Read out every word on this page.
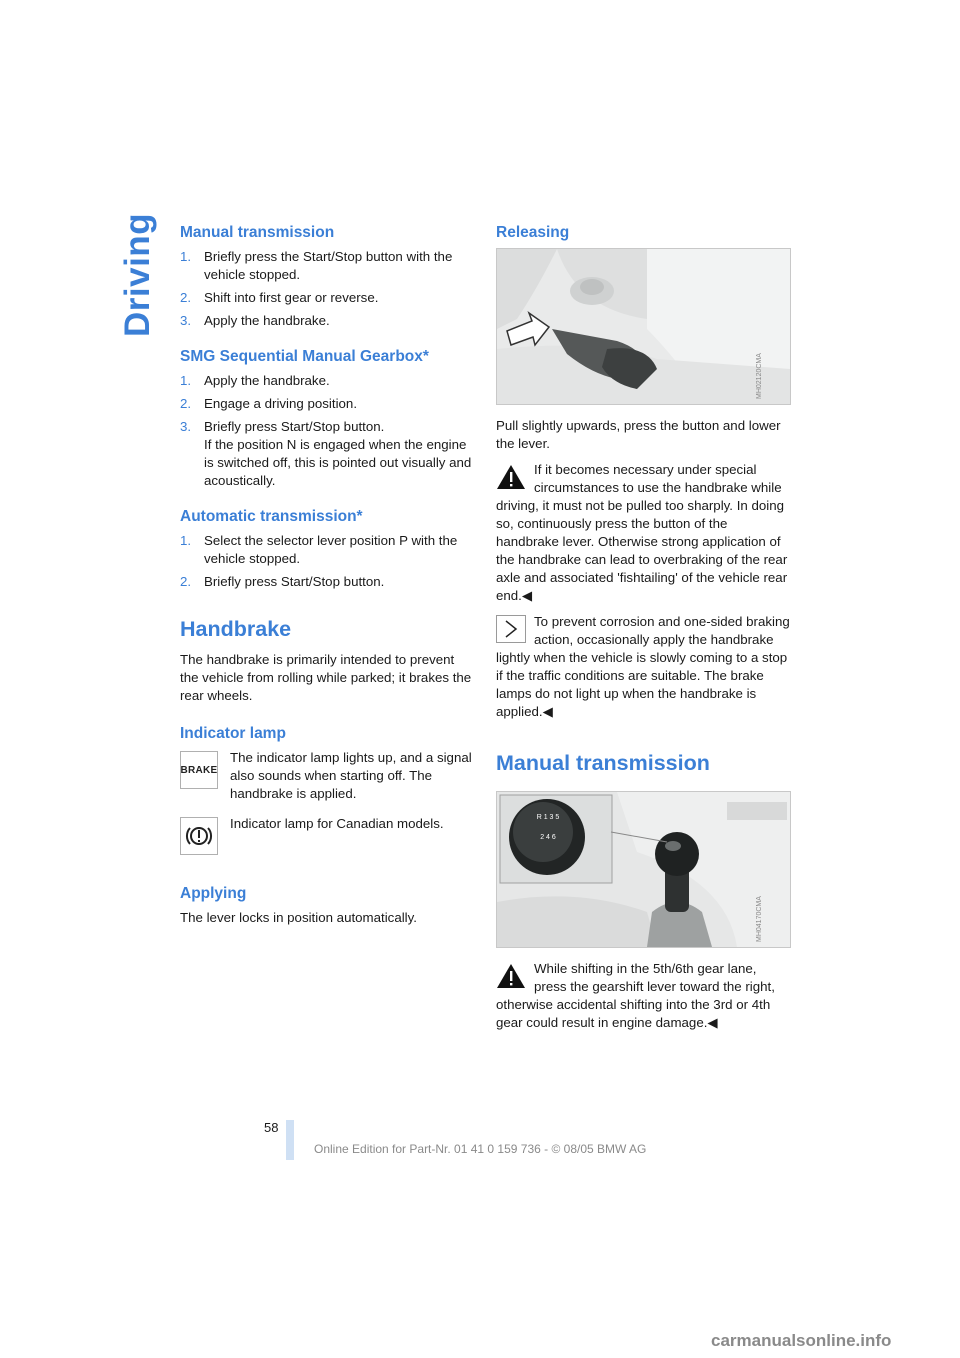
Driving Manual transmission
1. Briefly press the Start/Stop button with the vehicle stopped.
2. Shift into first gear or reverse.
3. Apply the handbrake.
SMG Sequential Manual Gearbox*
1. Apply the handbrake.
2. Engage a driving position.
3. Briefly press Start/Stop button.
If the position N is engaged when the engine is switched off, this is pointed out visually and acoustically.
Automatic transmission*
1. Select the selector lever position P with the vehicle stopped.
2. Briefly press Start/Stop button.
Handbrake

The handbrake is primarily intended to prevent the vehicle from rolling while parked; it brakes the rear wheels.

Indicator lamp
BRAKE

The indicator lamp lights up, and a signal also sounds when starting off. The handbrake is applied.

Indicator lamp for Canadian models.

Applying

The lever locks in position automatically.

Releasing
MH02120CMA

Pull slightly upwards, press the button and lower the lever.

If it becomes necessary under special circumstances to use the handbrake while driving, it must not be pulled too sharply. In doing so, continuously press the button of the handbrake lever. Otherwise strong application of the handbrake can lead to overbraking of the rear axle and associated 'fishtailing' of the vehicle rear end.◀
To prevent corrosion and one-sided braking action, occasionally apply the handbrake lightly when the vehicle is slowly coming to a stop if the traffic conditions are suitable. The brake lamps do not light up when the handbrake is applied.◀
Manual transmission
R 1 3 5
2 4 6
MH04170CMA
While shifting in the 5th/6th gear lane, press the gearshift lever toward the right, otherwise accidental shifting into the 3rd or 4th gear could result in engine damage.◀
58
Online Edition for Part-Nr. 01 41 0 159 736 - © 08/05 BMW AG
carmanualsonline.info
